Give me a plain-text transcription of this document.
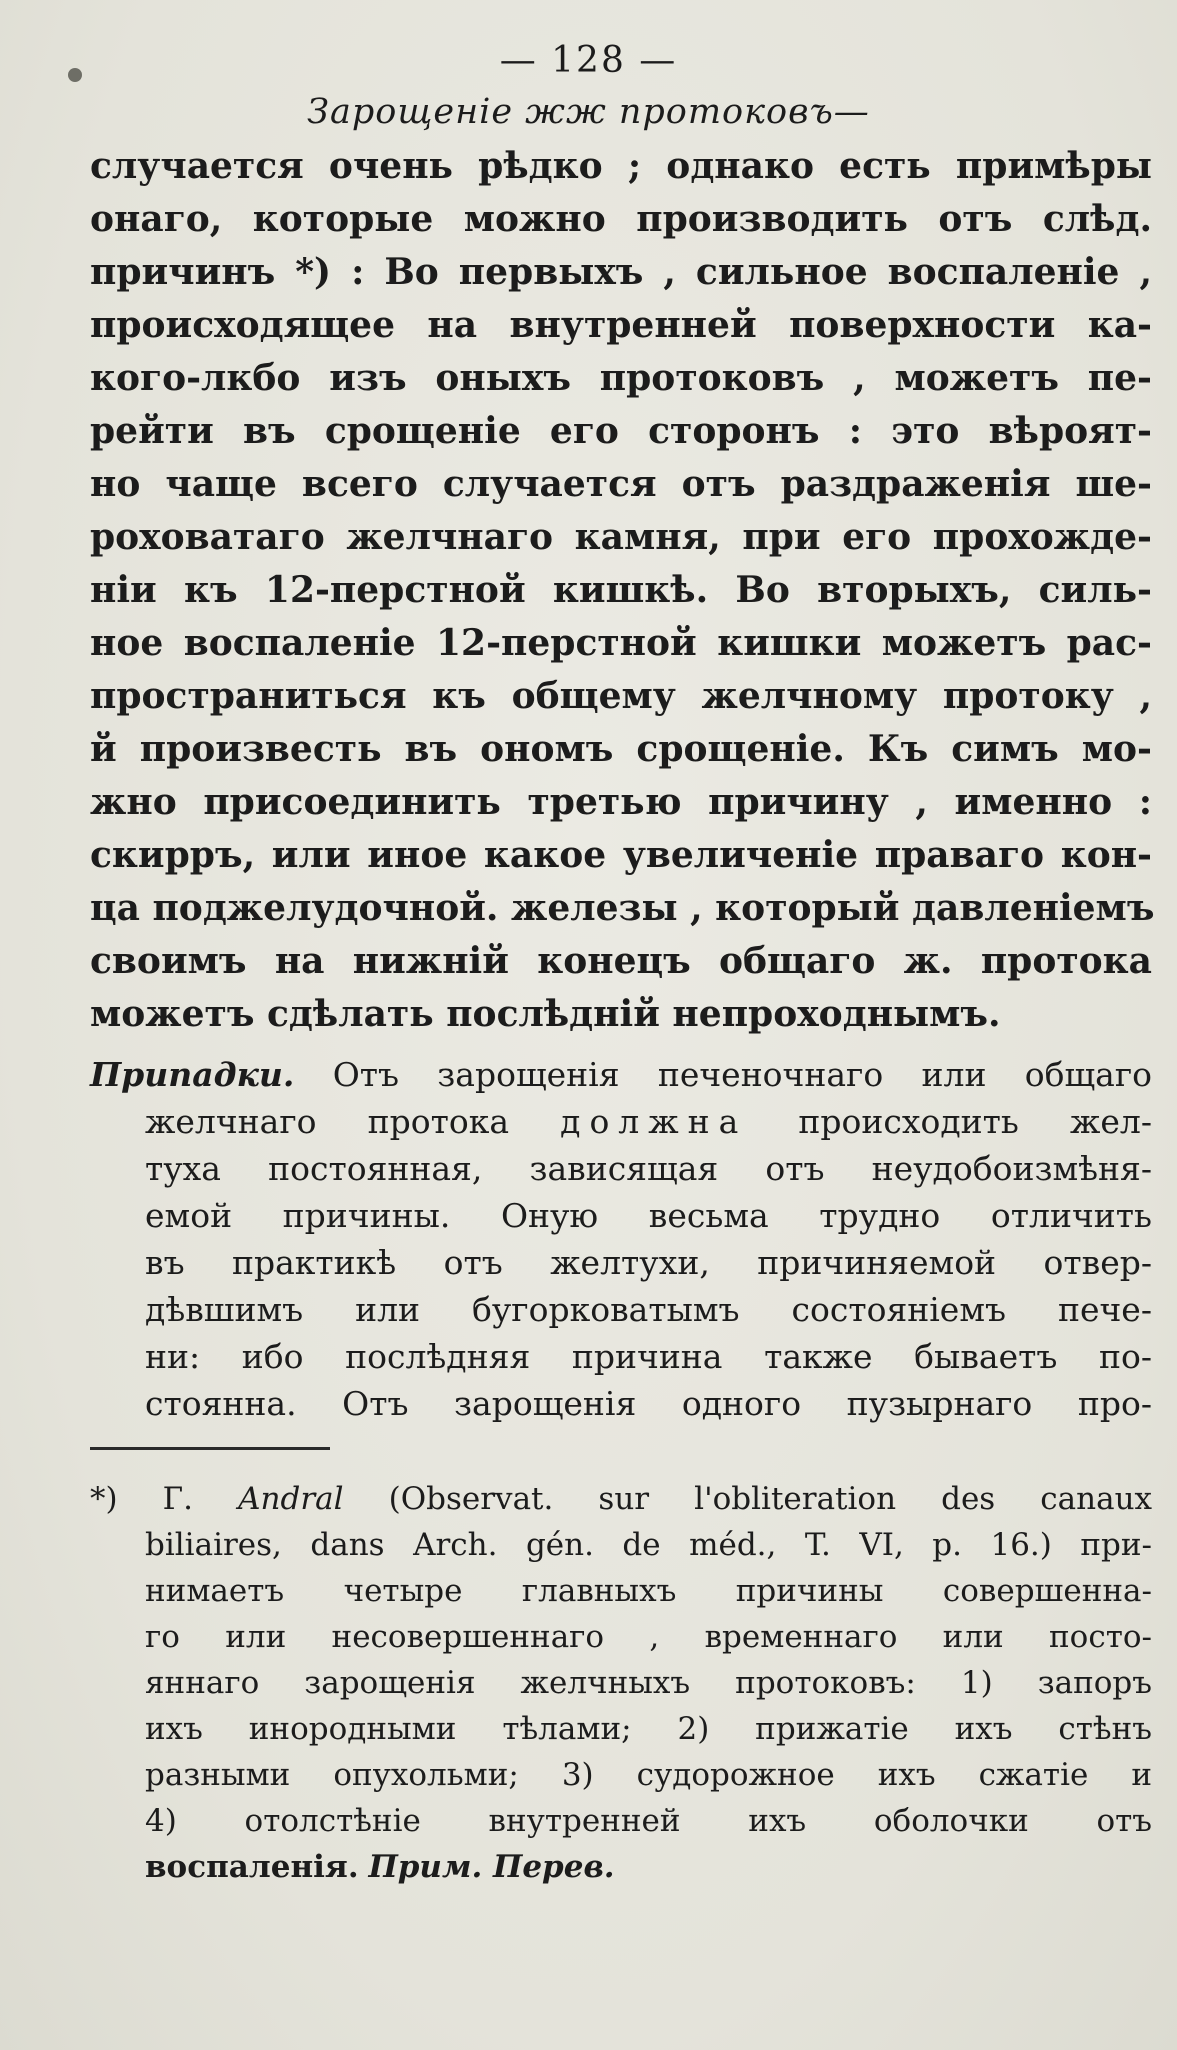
— 128 —
Зарощеніе жж протоковъ—
случается очень рѣдко ; однако есть примѣры
онаго, которые можно производить отъ слѣд.
причинъ *) : Во первыхъ , сильное воспаленіе ,
происходящее на внутренней поверхности ка-
кого-лкбо изъ оныхъ протоковъ , можетъ пе-
рейти въ срощеніе его сторонъ : это вѣроят-
но чаще всего случается отъ раздраженія ше-
роховатаго желчнаго камня, при его прохожде-
ніи къ 12-перстной кишкѣ. Во вторыхъ, силь-
ное воспаленіе 12-перстной кишки можетъ рас-
пространиться къ общему желчному протоку ,
й произвесть въ ономъ срощеніе. Къ симъ мо-
жно присоединить третью причину , именно :
скирръ, или иное какое увеличеніе праваго кон-
ца поджелудочной. железы , который давленіемъ
своимъ на нижній конецъ общаго ж. протока
можетъ сдѣлать послѣдній непроходнымъ.
Припадки. Отъ зарощенія печеночнаго или общаго
желчнаго протока должна происходить жел-
туха постоянная, зависящая отъ неудобоизмѣня-
емой причины. Оную весьма трудно отличить
въ практикѣ отъ желтухи, причиняемой отвер-
дѣвшимъ или бугорковатымъ состояніемъ пече-
ни: ибо послѣдняя причина также бываетъ по-
стоянна. Отъ зарощенія одного пузырнаго про-
*) Г. Andral (Observat. sur l'obliteration des canaux
biliaires, dans Arch. gén. de méd., T. VI, p. 16.) при-
нимаетъ четыре главныхъ причины совершенна-
го или несовершеннаго , временнаго или посто-
яннаго зарощенія желчныхъ протоковъ: 1) запоръ
ихъ инородными тѣлами; 2) прижатіе ихъ стѣнъ
разными опухольми; 3) судорожное ихъ сжатіе и
4) отолстѣніе внутренней ихъ оболочки отъ
воспаленія. Прим. Перев.
